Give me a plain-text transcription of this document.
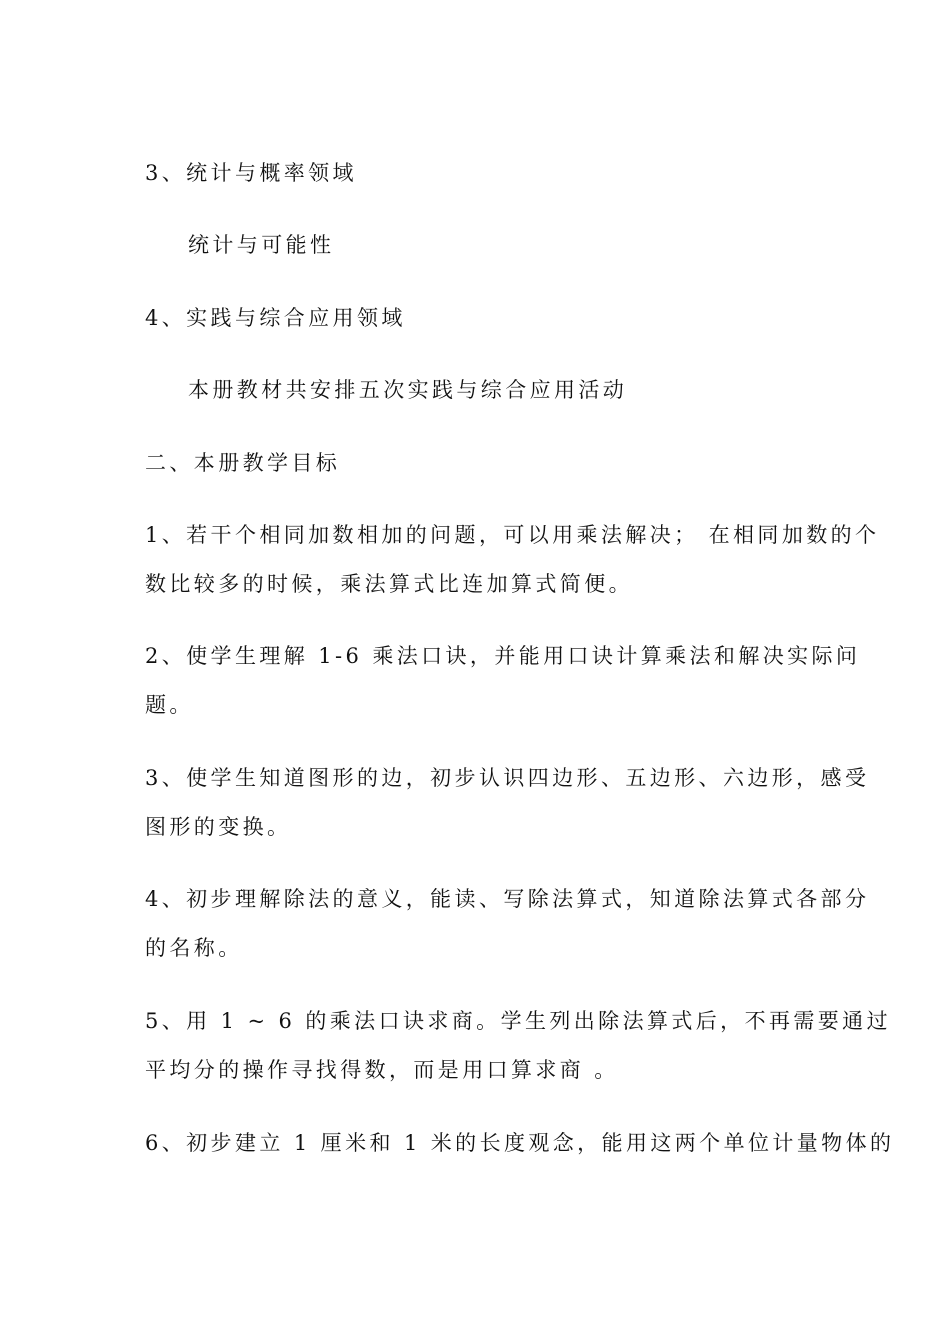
3、统计与概率领域
统计与可能性
4、实践与综合应用领域
本册教材共安排五次实践与综合应用活动
二、本册教学目标
1、若干个相同加数相加的问题，可以用乘法解决； 在相同加数的个
数比较多的时候，乘法算式比连加算式简便。
2、使学生理解 1-6 乘法口诀，并能用口诀计算乘法和解决实际问
题。
3、使学生知道图形的边，初步认识四边形、五边形、六边形，感受
图形的变换。
4、初步理解除法的意义，能读、写除法算式，知道除法算式各部分
的名称。
5、用 1 ~ 6 的乘法口诀求商。学生列出除法算式后，不再需要通过
平均分的操作寻找得数，而是用口算求商 。
6、初步建立 1 厘米和 1 米的长度观念，能用这两个单位计量物体的
